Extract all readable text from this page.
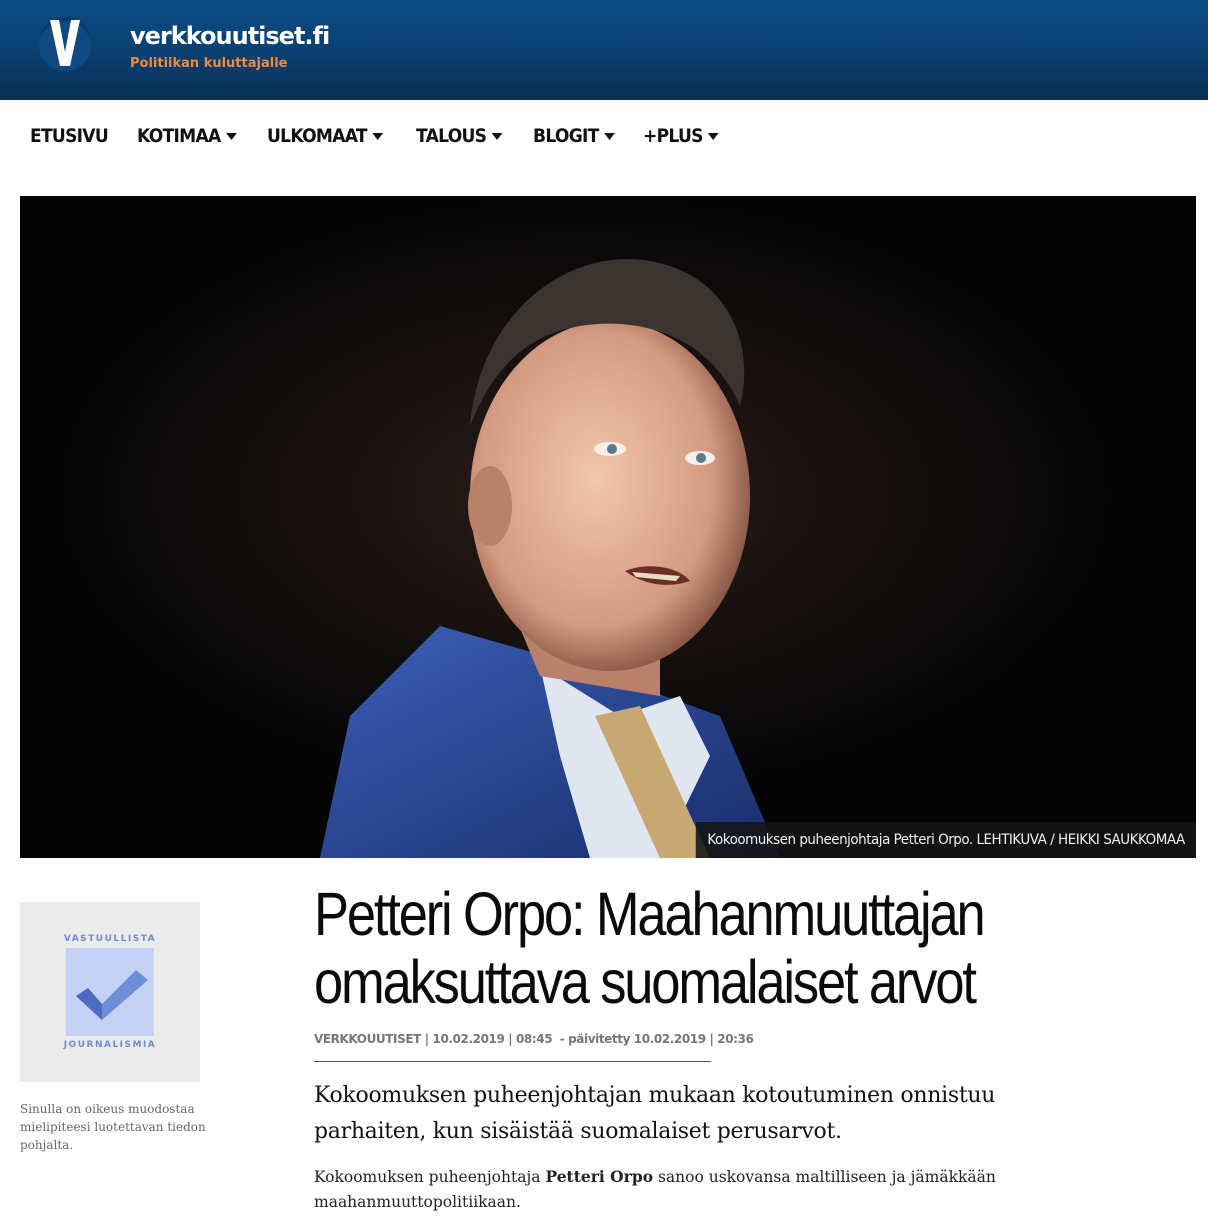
verkkouutiset.fi
Politiikan kuluttajalle
ETUSIVU KOTIMAA ULKOMAAT	TALOUS BLOGIT +PLUS
Kokoomuksen puheenjohtaja Petteri Orpo. LEHTIKUVA / HEIKKI SAUKKOMAA
VASTUULLISTA
JOURNALISMIA
Sinulla on oikeus muodostaa mielipiteesi luotettavan tiedon pohjalta.
Petteri Orpo: Maahanmuuttajan omaksuttava suomalaiset arvot
VERKKOUUTISET | 10.02.2019 | 08:45  - päivitetty 10.02.2019 | 20:36

Kokoomuksen puheenjohtajan mukaan kotoutuminen onnistuu parhaiten, kun sisäistää suomalaiset perusarvot.

Kokoomuksen puheenjohtaja Petteri Orpo sanoo uskovansa maltilliseen ja jämäkkään maahanmuuttopolitiikaan.
